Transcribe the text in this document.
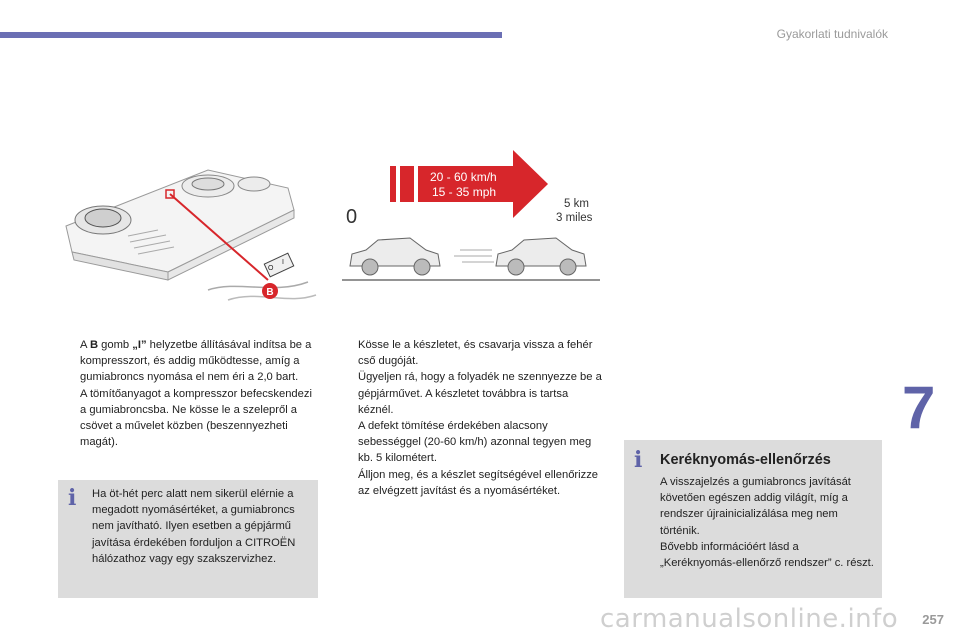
Gyakorlati tudnivalók
7
O
I
B
20 - 60 km/h
15 - 35 mph
0
5 km
3 miles
A B gomb „I” helyzetbe állításával indítsa be a kompresszort, és addig működtesse, amíg a gumiabroncs nyomása el nem éri a 2,0 bart.
A tömítőanyagot a kompresszor befecskendezi a gumiabroncsba. Ne kösse le a szelepről a csövet a művelet közben (beszennyezheti magát).
i Ha öt-hét perc alatt nem sikerül elérnie a megadott nyomásértéket, a gumiabroncs nem javítható. Ilyen esetben a gépjármű javítása érdekében forduljon a CITROËN hálózathoz vagy egy szakszervizhez.
Kösse le a készletet, és csavarja vissza a fehér cső dugóját.
Ügyeljen rá, hogy a folyadék ne szennyezze be a gépjárművet. A készletet továbbra is tartsa kéznél.
A defekt tömítése érdekében alacsony sebességgel (20-60 km/h) azonnal tegyen meg kb. 5 kilométert.
Álljon meg, és a készlet segítségével ellenőrizze az elvégzett javítást és a nyomásértéket.
i Keréknyomás-ellenőrzés
A visszajelzés a gumiabroncs javítását követően egészen addig világít, míg a rendszer újrainicializálása meg nem történik.
Bővebb információért lásd a „Keréknyomás-ellenőrző rendszer” c. részt.
carmanualsonline.info 257
